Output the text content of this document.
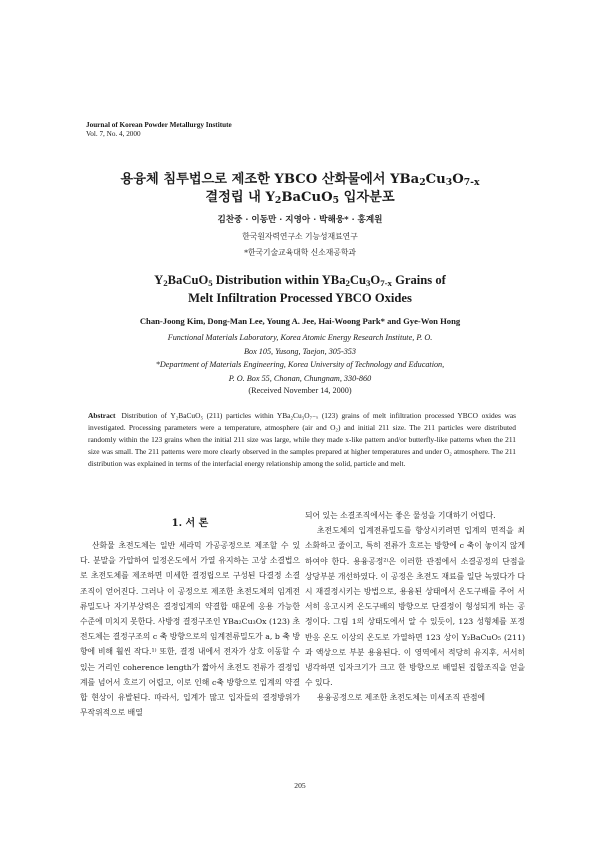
Journal of Korean Powder Metallurgy Institute
Vol. 7, No. 4, 2000
용융체 침투법으로 제조한 YBCO 산화물에서 $YBa_2Cu_3O_{7-x}$
결정립 내 $Y_2BaCuO_5$ 입자분포
김찬중 · 이동만 · 지영아 · 박해웅* · 홍계원
한국원자력연구소 기능성재료연구
*한국기술교육대학 신소재공학과
$Y_2BaCuO_5$ Distribution within $YBa_2Cu_3O_{7-x}$ Grains of
Melt Infiltration Processed YBCO Oxides
Chan-Joong Kim, Dong-Man Lee, Young A. Jee, Hai-Woong Park* and Gye-Won Hong
Functional Materials Laboratory, Korea Atomic Energy Research Institute, P. O.
Box 105, Yusong, Taejon, 305-353
*Department of Materials Engineering, Korea University of Technology and Education,
P. O. Box 55, Chonan, Chungnam, 330-860
(Received November 14, 2000)
Abstract Distribution of Y₂BaCuO₅ (211) particles within YBa₂Cu₃O₇₋ₓ (123) grains of melt infiltration processed YBCO oxides was investigated. Processing parameters were a temperature, atmosphere (air and O₂) and initial 211 size. The 211 particles were distributed randomly within the 123 grains when the initial 211 size was large, while they made x-like pattern and/or butterfly-like patterns when the 211 size was small. The 211 patterns were more clearly observed in the samples prepared at higher temperatures and under O₂ atmosphere. The 211 distribution was explained in terms of the interfacial energy relationship among the solid, particle and melt.
1. 서 론

산화물 초전도체는 일반 세라믹 가공공정으로 제조할 수 있다. 분말을 가압하여 일정온도에서 가열 유지하는 고상 소결법으로 초전도체를 제조하면 미세한 결정립으로 구성된 다결정 소결조직이 얻어진다. 그러나 이 공정으로 제조한 초전도체의 임계전류밀도나 자기부상력은 결정입계의 약결합 때문에 응용 가능한 수준에 미치지 못한다. 사방정 결정구조인 YBa₂Cu₃Ox (123) 초전도체는 결정구조의 c 축 방향으로의 임계전류밀도가 a, b 축 방향에 비해 훨씬 작다.¹⁾ 또한, 결정 내에서 전자가 상호 이동할 수 있는 거리인 coherence length가 짧아서 초전도 전류가 결정입계를 넘어서 흐르기 어렵고, 이로 인해 c축 방향으로 입계의 약결합 현상이 유발된다. 따라서, 입계가 많고 입자들의 결정방위가 무작위적으로 배열

되어 있는 소결조직에서는 좋은 물성을 기대하기 어렵다.

초전도체의 입계전류밀도를 향상시키려면 입계의 면적을 최소화하고 줄이고, 특히 전류가 흐르는 방향에 c 축이 놓이지 않게 하여야 한다. 용융공정²⁾은 이러한 관점에서 소결공정의 단점을 상당부분 개선하였다. 이 공정은 초전도 재료를 일단 녹였다가 다시 재결정시키는 방법으로, 용융된 상태에서 온도구배를 주어 서서히 응고시켜 온도구배의 방향으로 단결정이 형성되게 하는 공정이다. 그림 1의 상태도에서 알 수 있듯이, 123 성형체를 포정반응 온도 이상의 온도로 가열하면 123 상이 Y₂BaCuO₅ (211)과 액상으로 부분 용융된다. 이 영역에서 적당히 유지후, 서서히 냉각하면 입자크기가 크고 한 방향으로 배열된 집합조직을 얻을 수 있다.

용융공정으로 제조한 초전도체는 미세조직 관점에

205
